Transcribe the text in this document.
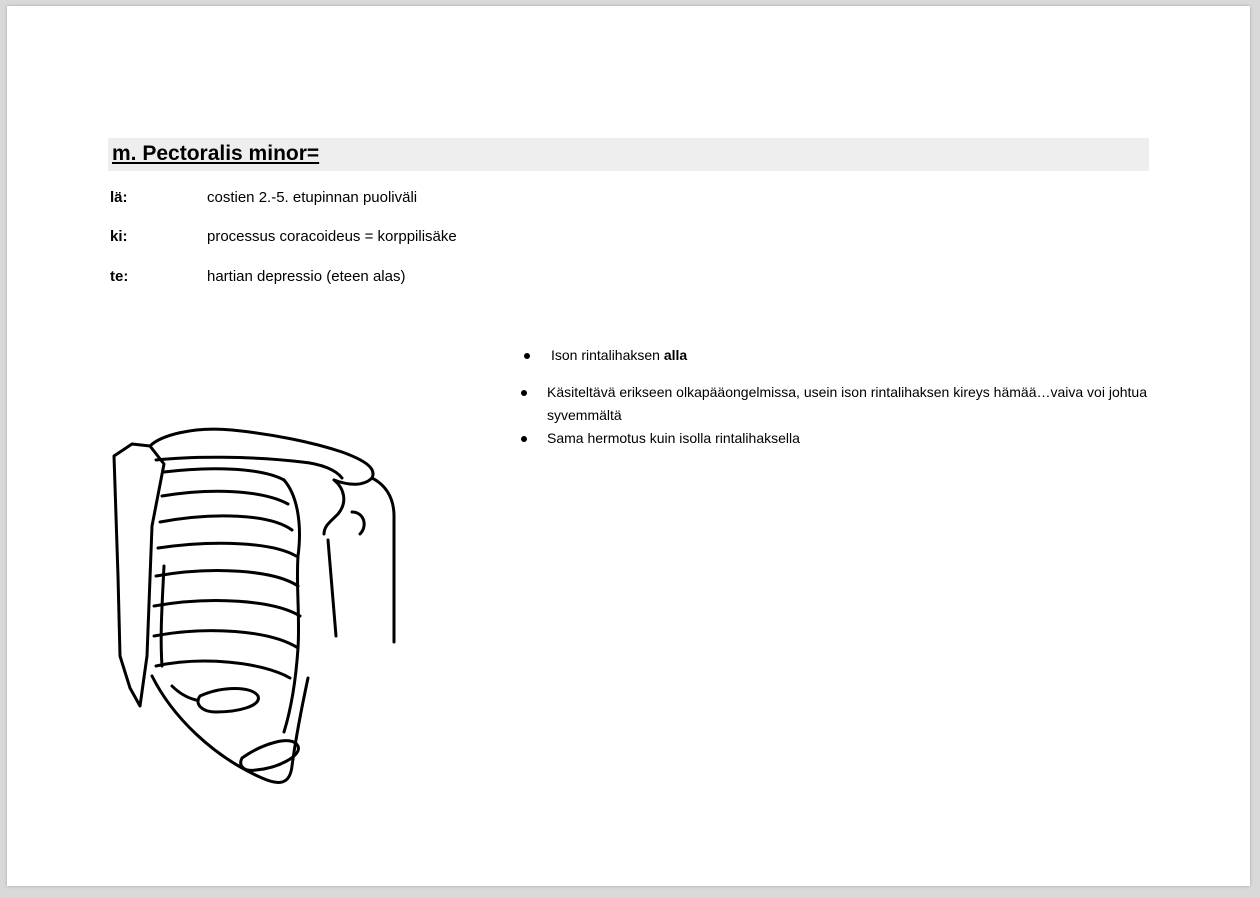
m. Pectoralis minor=
lä:	costien 2.-5. etupinnan puoliväli
ki:	processus coracoideus = korppilisäke
te:	hartian depressio (eteen alas)
Ison rintalihaksen alla
Käsiteltävä erikseen olkapääongelmissa, usein ison rintalihaksen kireys hämää…vaiva voi johtua syvemmältä
Sama hermotus kuin isolla rintalihaksella
